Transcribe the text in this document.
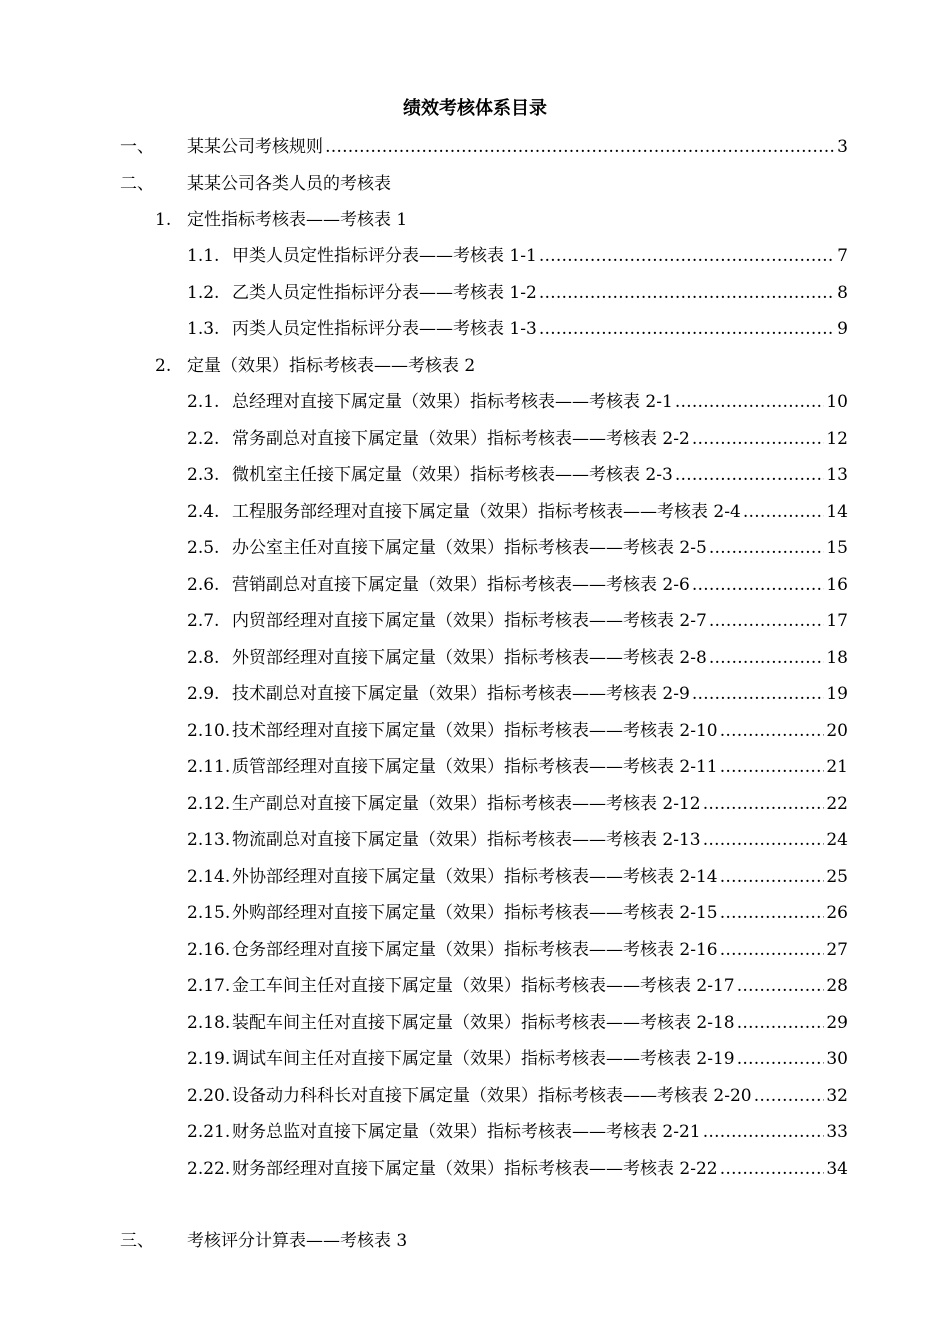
绩效考核体系目录
一、	某某公司考核规则 …………………………………………………………………………………………………………………………………………………………………………………………	3
二、	某某公司各类人员的考核表
1. 定性指标考核表——考核表 1
1.1. 甲类人员定性指标评分表——考核表 1-1 …………………………………………………………………………………………………………………………………………………………………………………………	7
1.2. 乙类人员定性指标评分表——考核表 1-2 …………………………………………………………………………………………………………………………………………………………………………………………	8
1.3. 丙类人员定性指标评分表——考核表 1-3 …………………………………………………………………………………………………………………………………………………………………………………………	9
2. 定量（效果）指标考核表——考核表 2
2.1. 总经理对直接下属定量（效果）指标考核表——考核表 2-1 …………………………………………………………………………………………………………………………………………………………………………………………	10
2.2. 常务副总对直接下属定量（效果）指标考核表——考核表 2-2 …………………………………………………………………………………………………………………………………………………………………………………………	12
2.3. 微机室主任接下属定量（效果）指标考核表——考核表 2-3 …………………………………………………………………………………………………………………………………………………………………………………………	13
2.4. 工程服务部经理对直接下属定量（效果）指标考核表——考核表 2-4 …………………………………………………………………………………………………………………………………………………………………………………………	14
2.5. 办公室主任对直接下属定量（效果）指标考核表——考核表 2-5 …………………………………………………………………………………………………………………………………………………………………………………………	15
2.6. 营销副总对直接下属定量（效果）指标考核表——考核表 2-6 …………………………………………………………………………………………………………………………………………………………………………………………	16
2.7. 内贸部经理对直接下属定量（效果）指标考核表——考核表 2-7 …………………………………………………………………………………………………………………………………………………………………………………………	17
2.8. 外贸部经理对直接下属定量（效果）指标考核表——考核表 2-8 …………………………………………………………………………………………………………………………………………………………………………………………	18
2.9. 技术副总对直接下属定量（效果）指标考核表——考核表 2-9 …………………………………………………………………………………………………………………………………………………………………………………………	19
2.10. 技术部经理对直接下属定量（效果）指标考核表——考核表 2-10 …………………………………………………………………………………………………………………………………………………………………………………………	20
2.11. 质管部经理对直接下属定量（效果）指标考核表——考核表 2-11 …………………………………………………………………………………………………………………………………………………………………………………………	21
2.12. 生产副总对直接下属定量（效果）指标考核表——考核表 2-12 …………………………………………………………………………………………………………………………………………………………………………………………	22
2.13. 物流副总对直接下属定量（效果）指标考核表——考核表 2-13 …………………………………………………………………………………………………………………………………………………………………………………………	24
2.14. 外协部经理对直接下属定量（效果）指标考核表——考核表 2-14 …………………………………………………………………………………………………………………………………………………………………………………………	25
2.15. 外购部经理对直接下属定量（效果）指标考核表——考核表 2-15 …………………………………………………………………………………………………………………………………………………………………………………………	26
2.16. 仓务部经理对直接下属定量（效果）指标考核表——考核表 2-16 …………………………………………………………………………………………………………………………………………………………………………………………	27
2.17. 金工车间主任对直接下属定量（效果）指标考核表——考核表 2-17 …………………………………………………………………………………………………………………………………………………………………………………………	28
2.18. 装配车间主任对直接下属定量（效果）指标考核表——考核表 2-18 …………………………………………………………………………………………………………………………………………………………………………………………	29
2.19. 调试车间主任对直接下属定量（效果）指标考核表——考核表 2-19 …………………………………………………………………………………………………………………………………………………………………………………………	30
2.20. 设备动力科科长对直接下属定量（效果）指标考核表——考核表 2-20 …………………………………………………………………………………………………………………………………………………………………………………………	32
2.21. 财务总监对直接下属定量（效果）指标考核表——考核表 2-21 …………………………………………………………………………………………………………………………………………………………………………………………	33
2.22. 财务部经理对直接下属定量（效果）指标考核表——考核表 2-22 …………………………………………………………………………………………………………………………………………………………………………………………	34
三、	考核评分计算表——考核表 3
